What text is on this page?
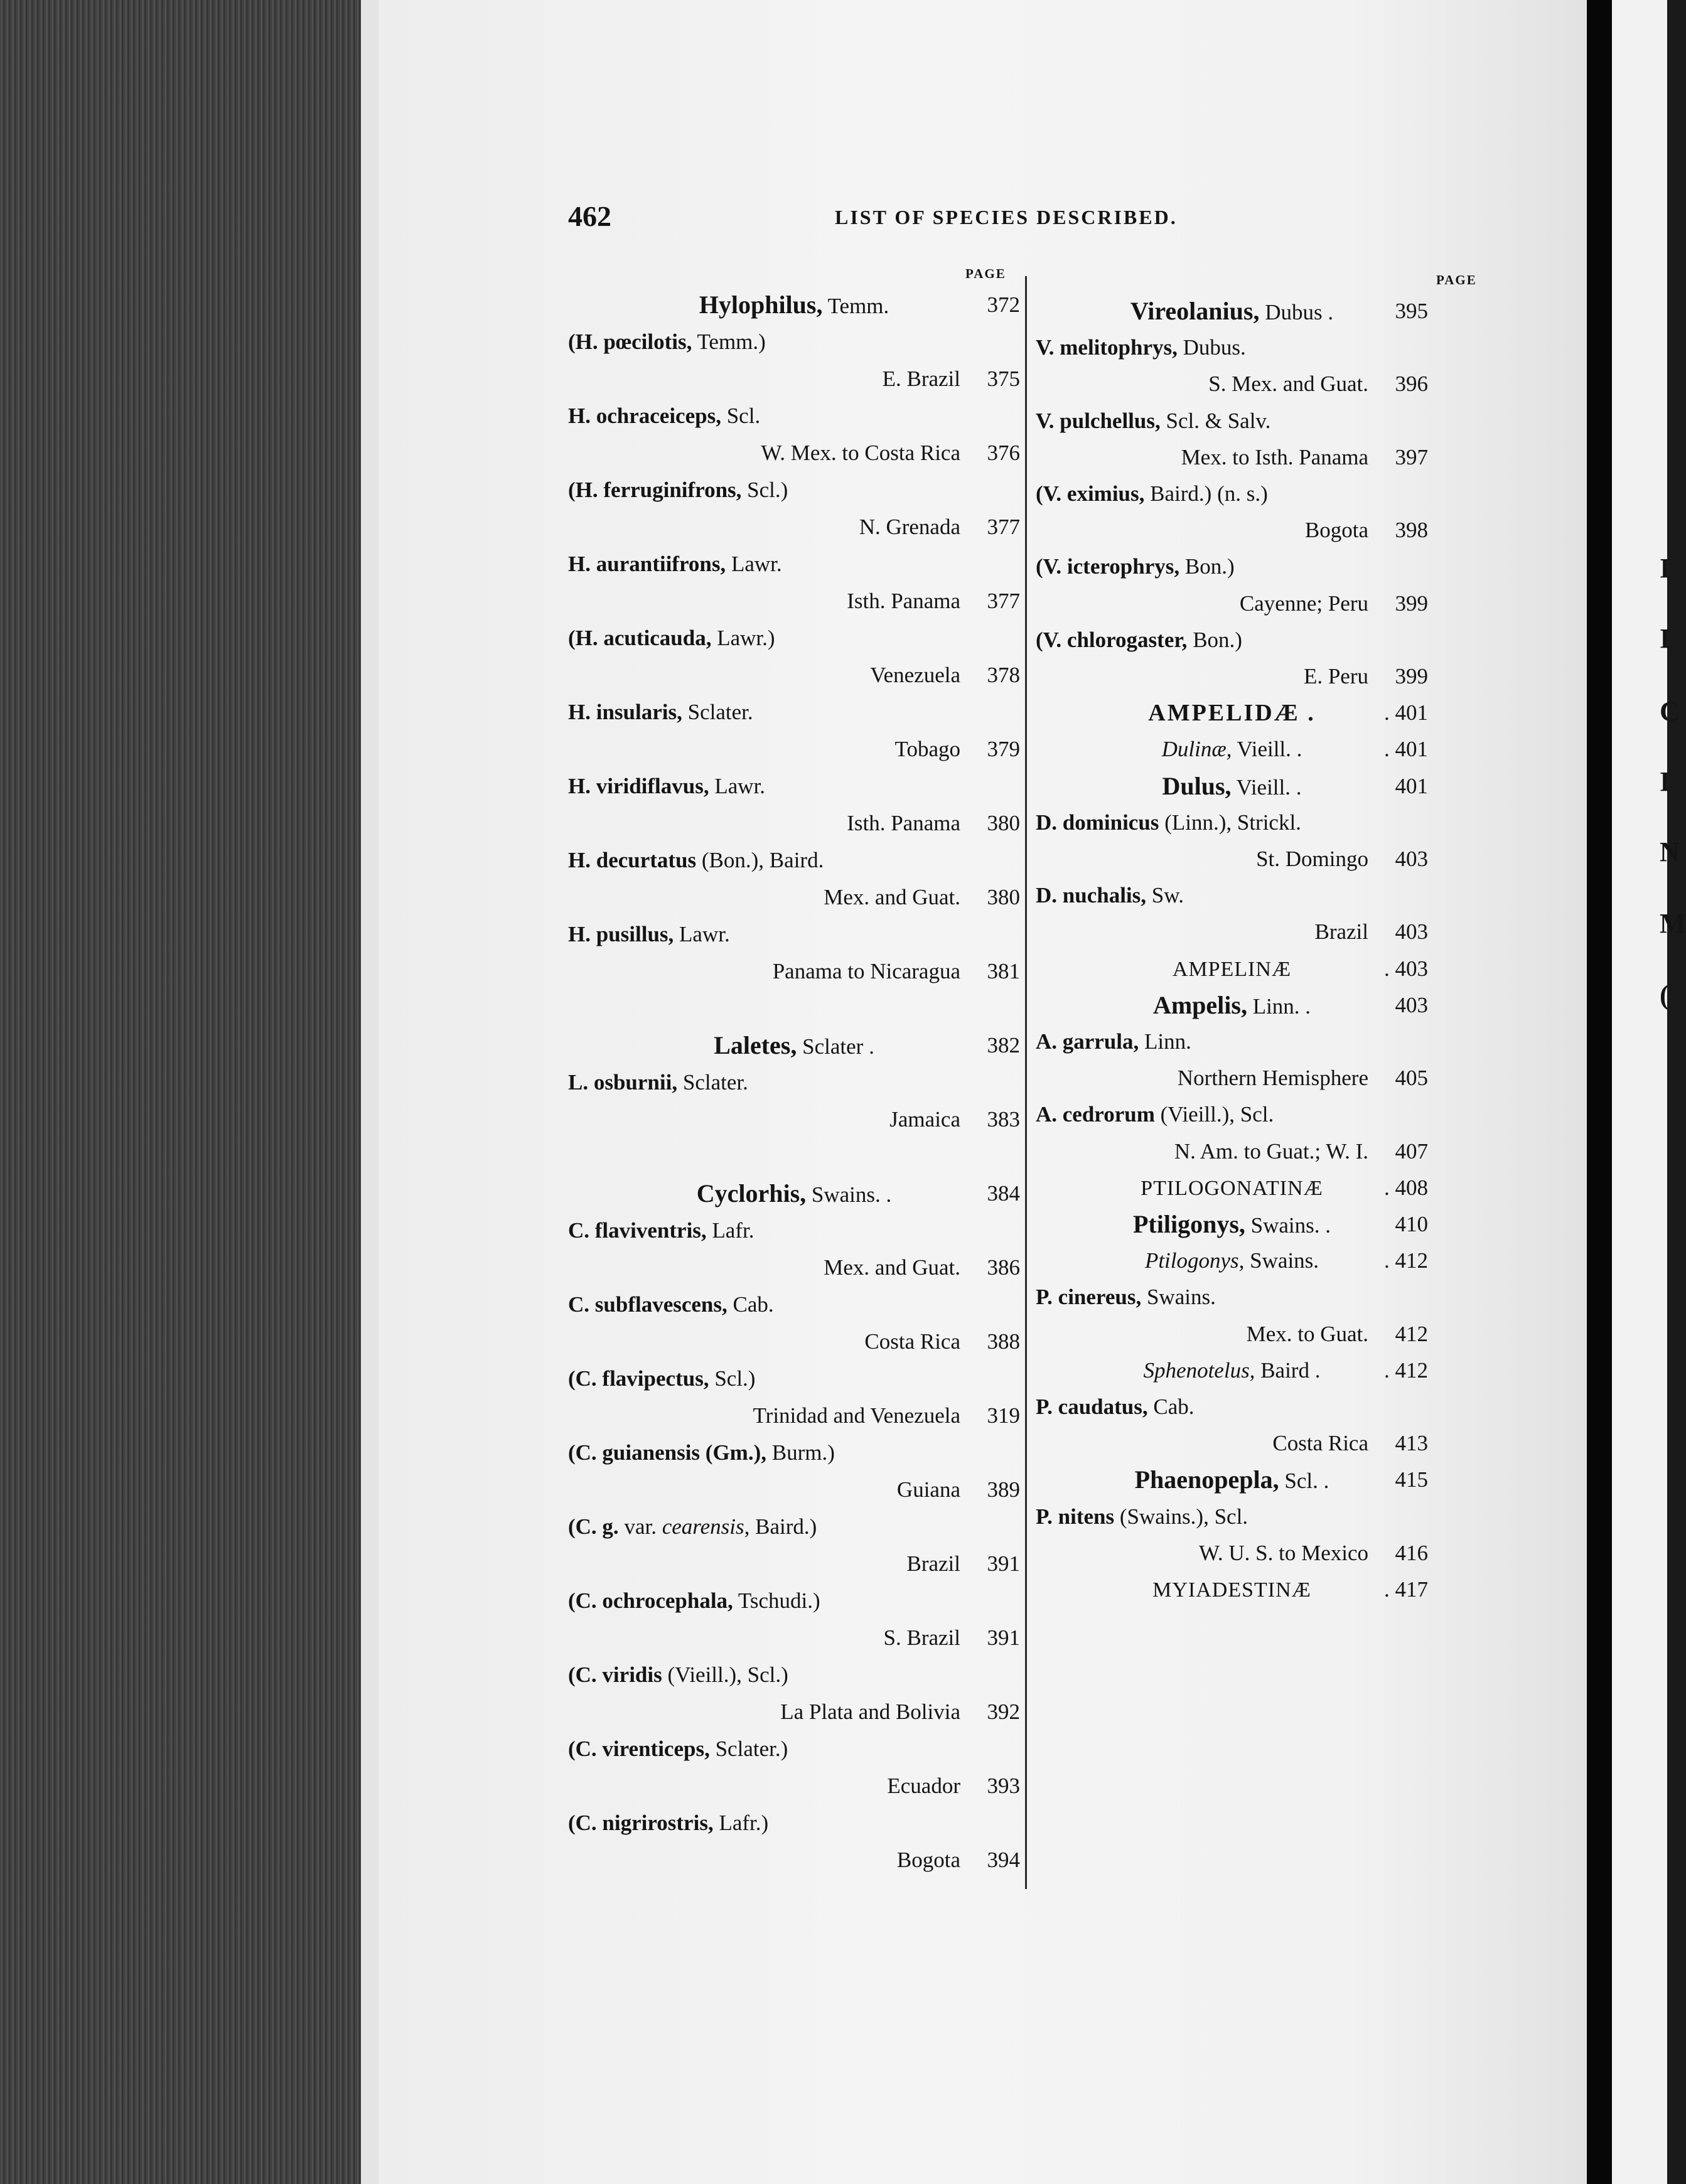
I
I
C
I
N
M
(
462	LIST OF SPECIES DESCRIBED.
PAGE	PAGE
Hylophilus, Temm.	372
(H. pœcilotis, Temm.)
E. Brazil 375
H. ochraceiceps, Scl.
W. Mex. to Costa Rica 376
(H. ferruginifrons, Scl.)
N. Grenada 377
H. aurantiifrons, Lawr.
Isth. Panama 377
(H. acuticauda, Lawr.)
Venezuela 378
H. insularis, Sclater.
Tobago 379
H. viridiflavus, Lawr.
Isth. Panama 380
H. decurtatus (Bon.), Baird.
Mex. and Guat. 380
H. pusillus, Lawr.
Panama to Nicaragua 381
Laletes, Sclater .	382
L. osburnii, Sclater.
Jamaica 383
Cyclorhis, Swains. .	384
C. flaviventris, Lafr.
Mex. and Guat. 386
C. subflavescens, Cab.
Costa Rica 388
(C. flavipectus, Scl.)
Trinidad and Venezuela 319
(C. guianensis (Gm.), Burm.)
Guiana 389
(C. g. var. cearensis, Baird.)
Brazil 391
(C. ochrocephala, Tschudi.)
S. Brazil 391
(C. viridis (Vieill.), Scl.)
La Plata and Bolivia 392
(C. virenticeps, Sclater.)
Ecuador 393
(C. nigrirostris, Lafr.)
Bogota 394
Vireolanius, Dubus .	395
V. melitophrys, Dubus.
S. Mex. and Guat. 396
V. pulchellus, Scl. & Salv.
Mex. to Isth. Panama 397
(V. eximius, Baird.) (n. s.)
Bogota 398
(V. icterophrys, Bon.)
Cayenne; Peru 399
(V. chlorogaster, Bon.)
E. Peru 399
AMPELIDÆ .	. 401
Dulinæ, Vieill. .	. 401
Dulus, Vieill. .	401
D. dominicus (Linn.), Strickl.
St. Domingo 403
D. nuchalis, Sw.
Brazil 403
AMPELINÆ	. 403
Ampelis, Linn. .	403
A. garrula, Linn.
Northern Hemisphere 405
A. cedrorum (Vieill.), Scl.
N. Am. to Guat.; W. I. 407
PTILOGONATINÆ	. 408
Ptiligonys, Swains. .	410
Ptilogonys, Swains.	. 412
P. cinereus, Swains.
Mex. to Guat. 412
Sphenotelus, Baird .	. 412
P. caudatus, Cab.
Costa Rica 413
Phaenopepla, Scl. .	415
P. nitens (Swains.), Scl.
W. U. S. to Mexico 416
MYIADESTINÆ	. 417
